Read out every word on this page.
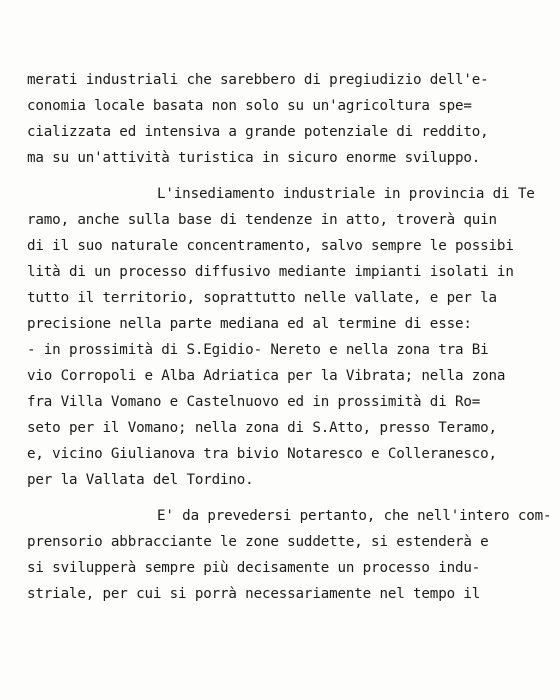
merati industriali che sarebbero di pregiudizio dell'e-
conomia locale basata non solo su un'agricoltura spe=
cializzata ed intensiva a grande potenziale di reddito,
ma su un'attività turistica in sicuro enorme sviluppo.
L'insediamento industriale in provincia di Te
ramo, anche sulla base di tendenze in atto, troverà quin
di il suo naturale concentramento, salvo sempre le possibi
lità di un processo diffusivo mediante impianti isolati in
tutto il territorio, soprattutto nelle vallate, e per la
precisione nella parte mediana ed al termine di esse:
- in prossimità di S.Egidio- Nereto e nella zona tra Bi
vio Corropoli e Alba Adriatica per la Vibrata; nella zona
fra Villa Vomano e Castelnuovo ed in prossimità di Ro=
seto per il Vomano; nella zona di S.Atto, presso Teramo,
e, vicino Giulianova tra bivio Notaresco e Colleranesco,
per la Vallata del Tordino.
E' da prevedersi pertanto, che nell'intero com-
prensorio abbracciante le zone suddette, si estenderà e
si svilupperà sempre più decisamente un processo indu-
striale, per cui si porrà necessariamente nel tempo il
